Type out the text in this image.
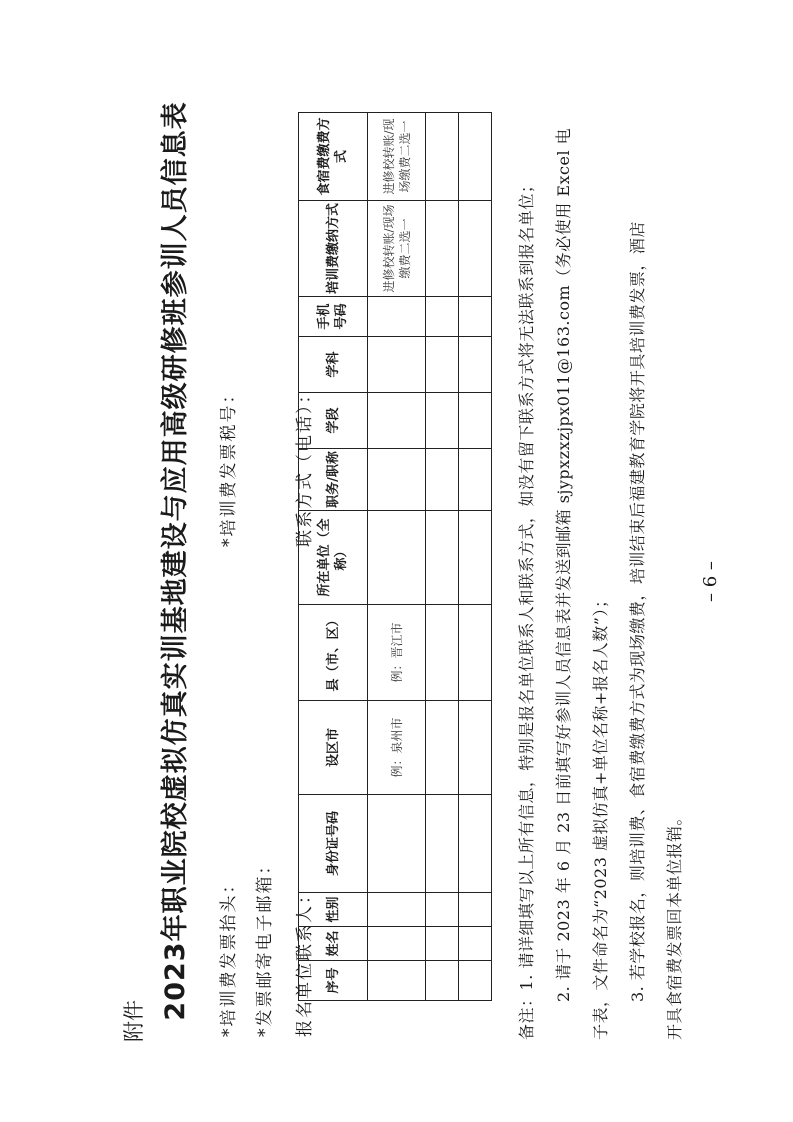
附件
2023年职业院校虚拟仿真实训基地建设与应用高级研修班参训人员信息表 *培训费发票抬头：
*培训费发票税号：
*发票邮寄电子邮箱： 报名单位联系人：
联系方式（电话）：
序号	姓名	性别	身份证号码	设区市	县（市、区）	所在单位（全称）	职务/职称	学段	学科	手机号码	培训费缴纳方式	食宿费缴费方式
				例：泉州市	例：晋江市						进修校转账/现场缴费二选一	进修校转账/现场缴费二选一

备注：1. 请详细填写以上所有信息，特别是报名单位联系人和联系方式，如没有留下联系方式将无法联系到报名单位；	2. 请于 2023 年 6 月 23 日前填写好参训人员信息表并发送到邮箱 sjypxzxzjpx011@163.com（务必使用 Excel 电	子表，文件命名为“2023 虚拟仿真+单位名称+报名人数”）；	3. 若学校报名，则培训费、食宿费缴费方式为现场缴费，培训结束后福建教育学院将开具培训费发票，酒店	开具食宿费发票回本单位报销。
– 6 –
